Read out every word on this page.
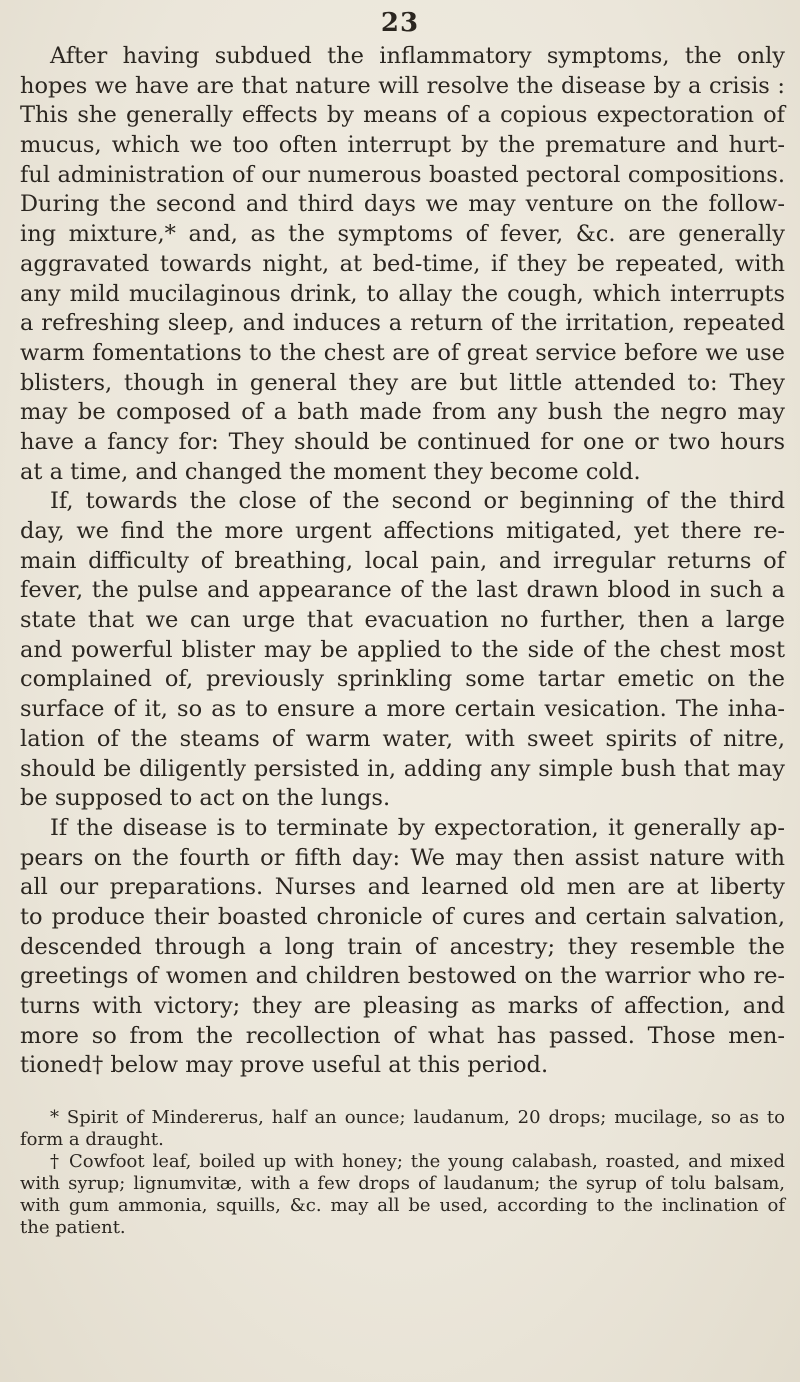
23
After having subdued the inflammatory symptoms, the only
hopes we have are that nature will resolve the disease by a crisis :
This she generally effects by means of a copious expectoration of
mucus, which we too often interrupt by the premature and hurt-
ful administration of our numerous boasted pectoral compositions.
During the second and third days we may venture on the follow-
ing mixture,* and, as the symptoms of fever, &c. are generally
aggravated towards night, at bed-time, if they be repeated, with
any mild mucilaginous drink, to allay the cough, which interrupts
a refreshing sleep, and induces a return of the irritation, repeated
warm fomentations to the chest are of great service before we use
blisters, though in general they are but little attended to: They
may be composed of a bath made from any bush the negro may
have a fancy for: They should be continued for one or two hours
at a time, and changed the moment they become cold.
If, towards the close of the second or beginning of the third
day, we find the more urgent affections mitigated, yet there re-
main difficulty of breathing, local pain, and irregular returns of
fever, the pulse and appearance of the last drawn blood in such a
state that we can urge that evacuation no further, then a large
and powerful blister may be applied to the side of the chest most
complained of, previously sprinkling some tartar emetic on the
surface of it, so as to ensure a more certain vesication. The inha-
lation of the steams of warm water, with sweet spirits of nitre,
should be diligently persisted in, adding any simple bush that may
be supposed to act on the lungs.
If the disease is to terminate by expectoration, it generally ap-
pears on the fourth or fifth day: We may then assist nature with
all our preparations. Nurses and learned old men are at liberty
to produce their boasted chronicle of cures and certain salvation,
descended through a long train of ancestry; they resemble the
greetings of women and children bestowed on the warrior who re-
turns with victory; they are pleasing as marks of affection, and
more so from the recollection of what has passed. Those men-
tioned† below may prove useful at this period.
* Spirit of Mindererus, half an ounce; laudanum, 20 drops; mucilage, so as to
form a draught.
† Cowfoot leaf, boiled up with honey; the young calabash, roasted, and mixed
with syrup; lignumvitæ, with a few drops of laudanum; the syrup of tolu balsam,
with gum ammonia, squills, &c. may all be used, according to the inclination of
the patient.
